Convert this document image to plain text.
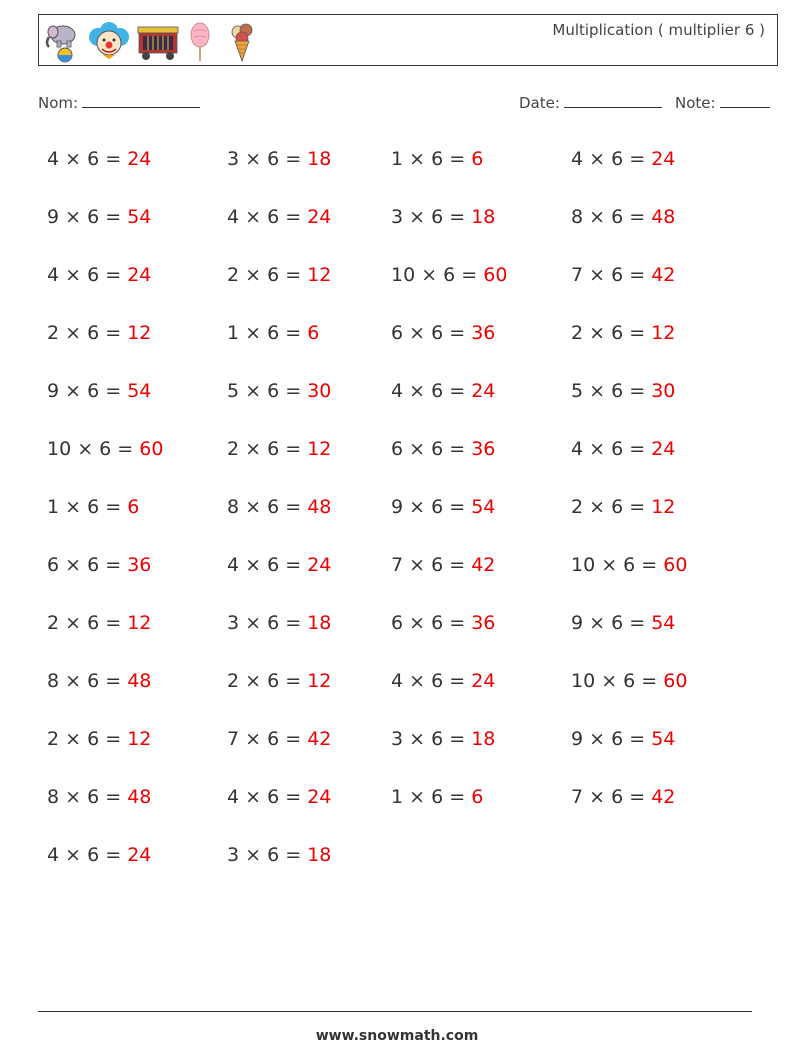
Multiplication ( multiplier 6 )
Nom:	Date:	Note:
4 × 6 = 24	3 × 6 = 18	1 × 6 = 6	4 × 6 = 24
9 × 6 = 54	4 × 6 = 24	3 × 6 = 18	8 × 6 = 48
4 × 6 = 24	2 × 6 = 12	10 × 6 = 60	7 × 6 = 42
2 × 6 = 12	1 × 6 = 6	6 × 6 = 36	2 × 6 = 12
9 × 6 = 54	5 × 6 = 30	4 × 6 = 24	5 × 6 = 30
10 × 6 = 60	2 × 6 = 12	6 × 6 = 36	4 × 6 = 24
1 × 6 = 6	8 × 6 = 48	9 × 6 = 54	2 × 6 = 12
6 × 6 = 36	4 × 6 = 24	7 × 6 = 42	10 × 6 = 60
2 × 6 = 12	3 × 6 = 18	6 × 6 = 36	9 × 6 = 54
8 × 6 = 48	2 × 6 = 12	4 × 6 = 24	10 × 6 = 60
2 × 6 = 12	7 × 6 = 42	3 × 6 = 18	9 × 6 = 54
8 × 6 = 48	4 × 6 = 24	1 × 6 = 6	7 × 6 = 42
4 × 6 = 24	3 × 6 = 18
www.snowmath.com
